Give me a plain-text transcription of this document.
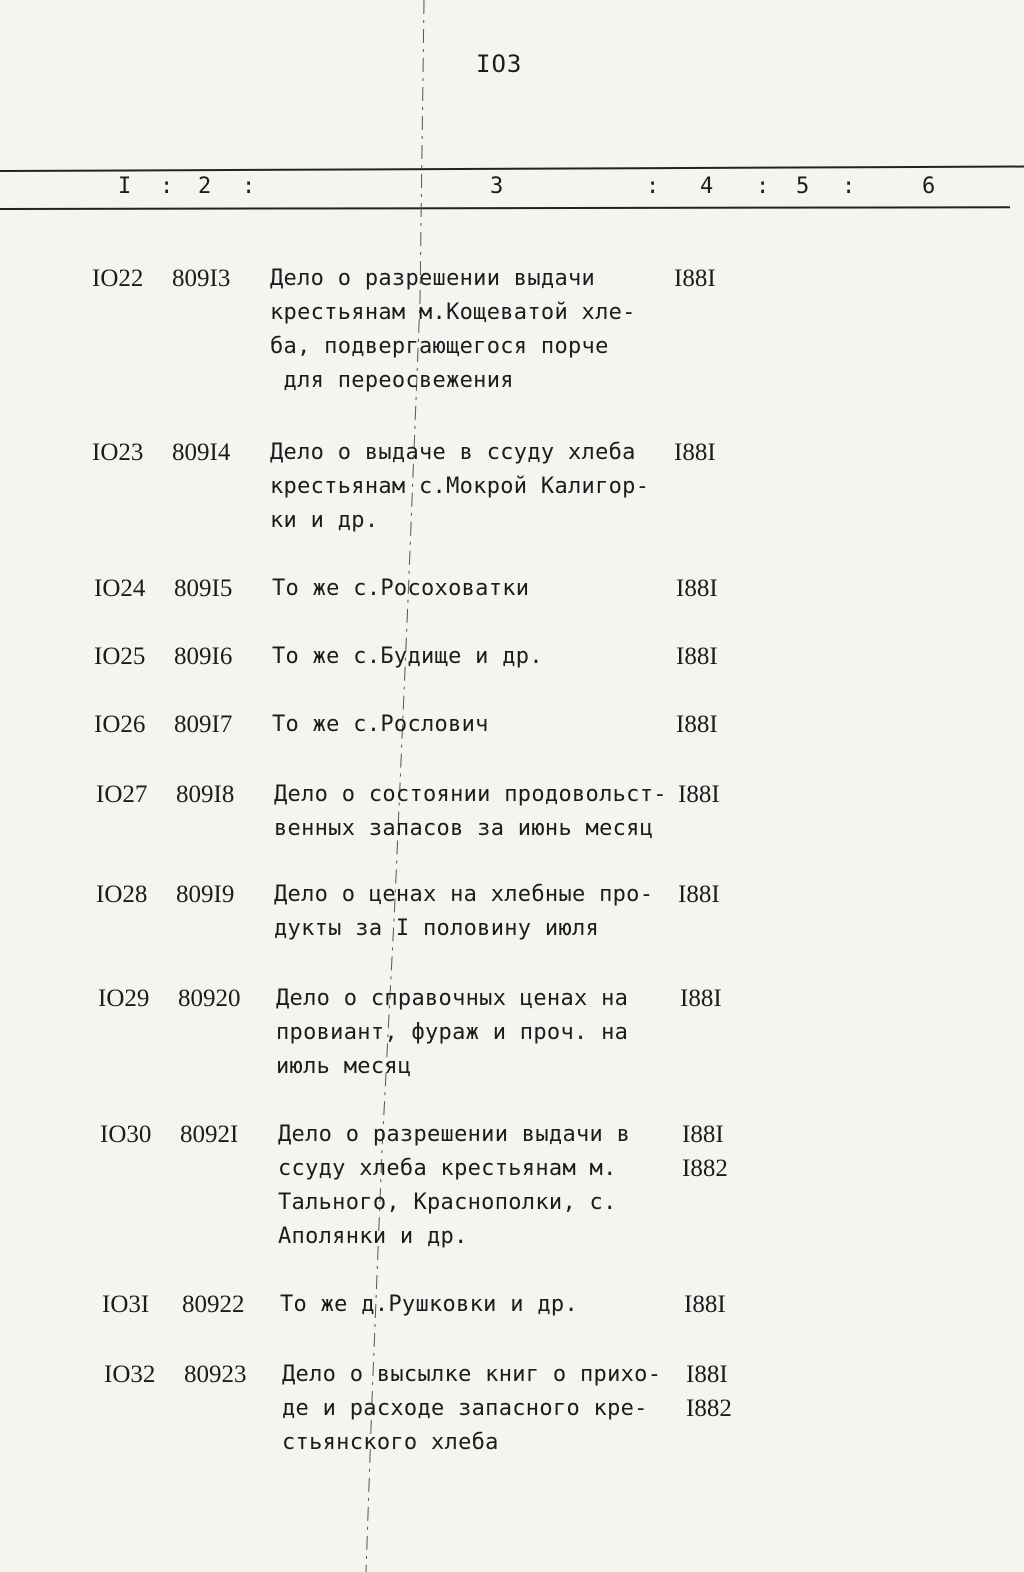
IO3
I : 2 :	3	: 4 : 5 :	6
IO22 809I3 Дело о разрешении выдачи
крестьянам м.Кощеватой хле-
ба, подвергающегося порче
для переосвежения
I88I
IO23 809I4 Дело о выдаче в ссуду хлеба
крестьянам с.Мокрой Калигор-
ки и др.
I88I
IO24 809I5 То же с.Росоховатки	I88I
IO25 809I6 То же с.Будище и др.	I88I
IO26 809I7 То же с.Рослович	I88I
IO27 809I8 Дело о состоянии продовольст-
венных запасов за июнь месяц
I88I
IO28 809I9 Дело о ценах на хлебные про-
дукты за I половину июля
I88I
IO29 80920 Дело о справочных ценах на
провиант, фураж и проч. на
июль месяц
I88I
IO30 8092I Дело о разрешении выдачи в
ссуду хлеба крестьянам м.
Тального, Краснополки, с.
Аполянки и др.
I88I
I882
IO3I 80922 То же д.Рушковки и др.	I88I
IO32 80923 Дело о высылке книг о прихо-
де и расходе запасного кре-
стьянского хлеба
I88I
I882
